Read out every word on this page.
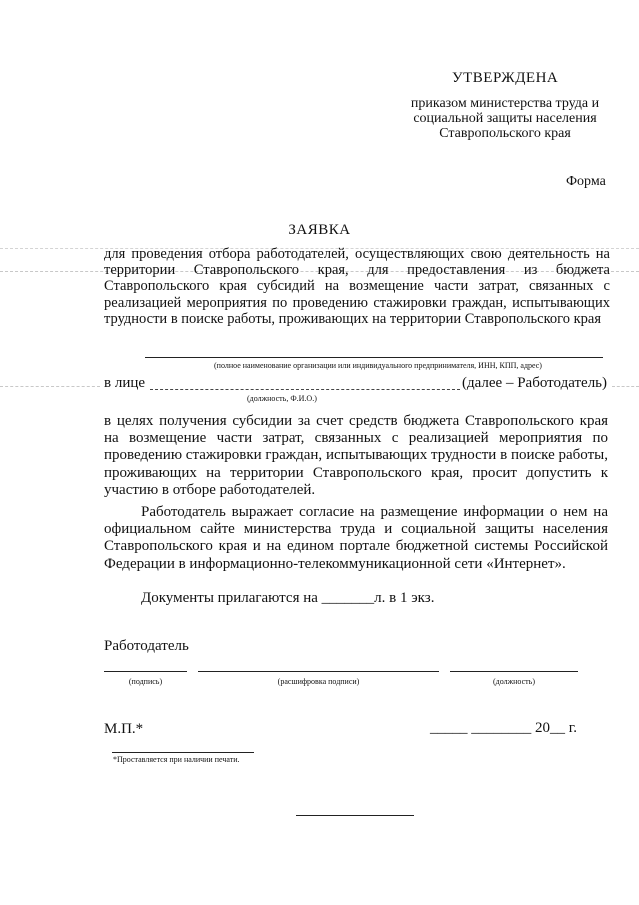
УТВЕРЖДЕНА
приказом министерства труда и
социальной защиты населения
Ставропольского края
Форма
ЗАЯВКА
для проведения отбора работодателей, осуществляющих свою деятельность на территории Ставропольского края, для предоставления из бюджета Ставропольского края субсидий на возмещение части затрат, связанных с реализацией мероприятия по проведению стажировки граждан, испытывающих трудности в поиске работы, проживающих на территории Ставропольского края
(полное наименование организации или индивидуального предпринимателя, ИНН, КПП, адрес)
в лице	(далее – Работодатель)
(должность, Ф.И.О.)
в целях получения субсидии за счет средств бюджета Ставропольского края на возмещение части затрат, связанных с реализацией мероприятия по проведению стажировки граждан, испытывающих трудности в поиске работы, проживающих на территории Ставропольского края, просит допустить к участию в отборе работодателей.
Работодатель выражает согласие на размещение информации о нем на официальном сайте министерства труда и социальной защиты населения Ставропольского края и на едином портале бюджетной системы Российской Федерации в информационно-телекоммуникационной сети «Интернет».
Документы прилагаются на _______л. в 1 экз.
Работодатель
(подпись)	(расшифровка подписи)	(должность)
М.П.*
*Проставляется при наличии печати.
_____ ________ 20__ г.
